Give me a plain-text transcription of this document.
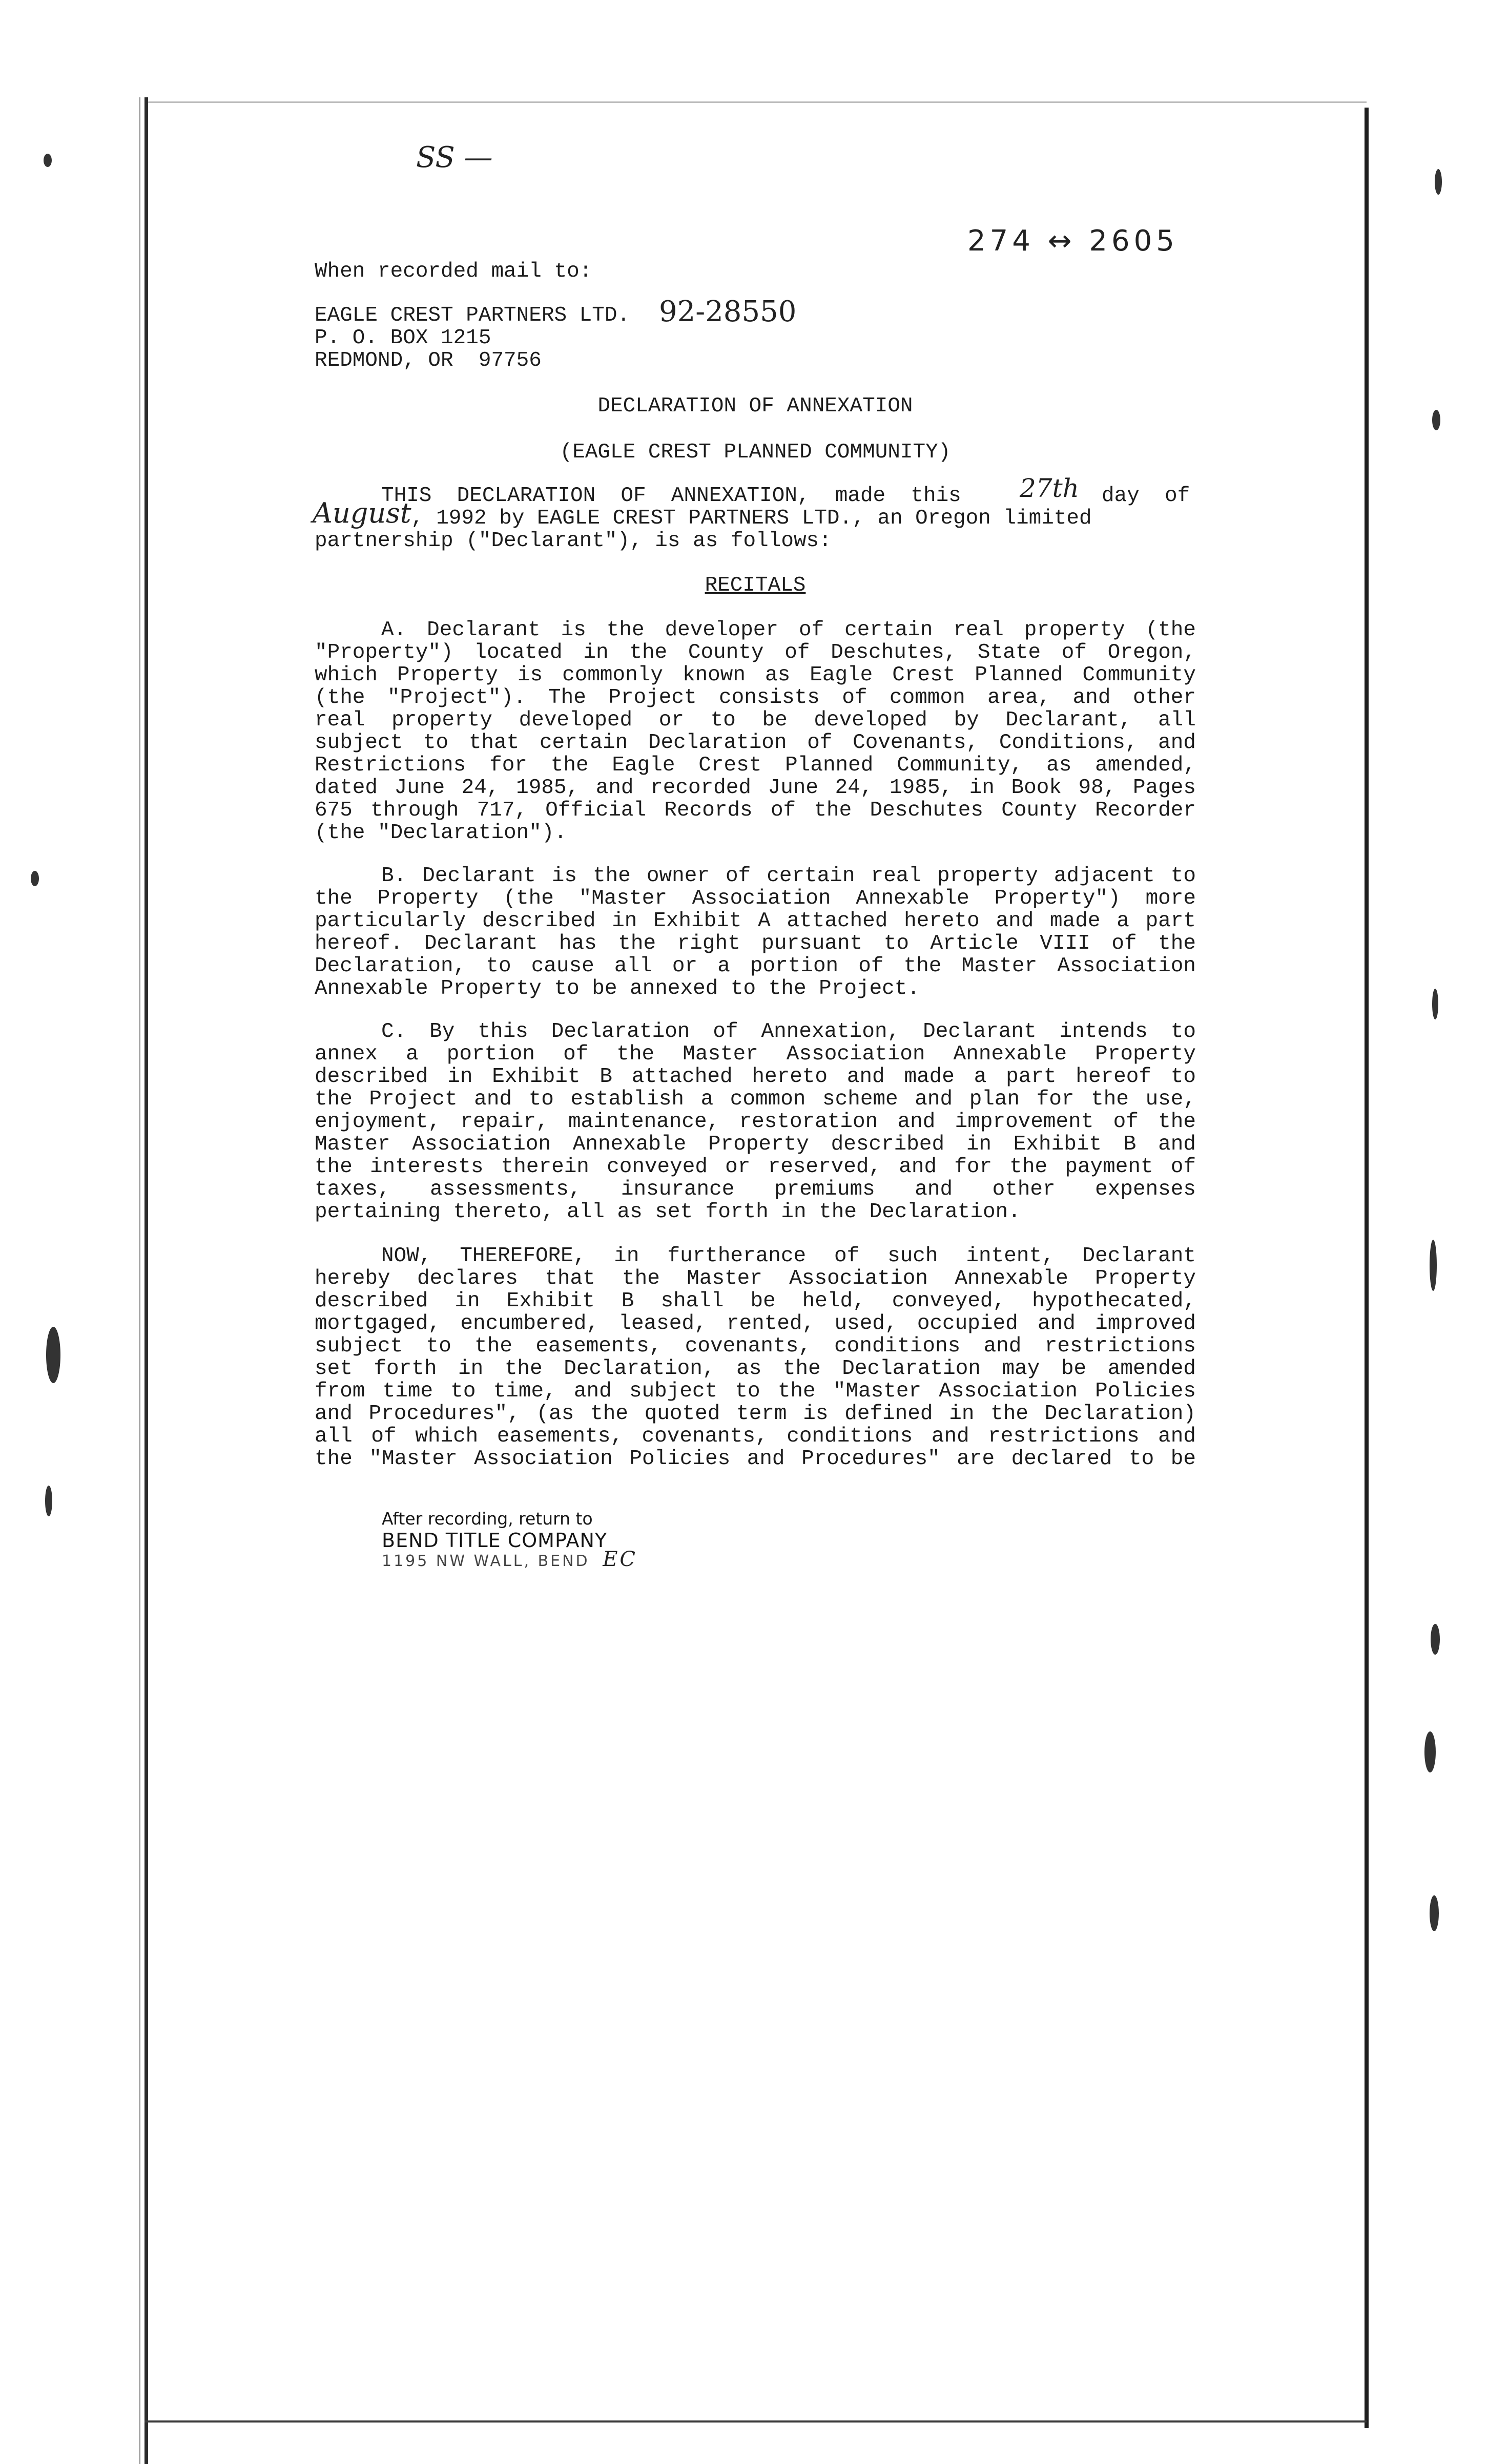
SS —
274 ↔ 2605
When recorded mail to:
EAGLE CREST PARTNERS LTD. 92-28550
P. O. BOX 1215
REDMOND, OR  97756
DECLARATION OF ANNEXATION
(EAGLE CREST PLANNED COMMUNITY)
THIS  DECLARATION  OF  ANNEXATION,  made  this 27th day  of
August , 1992 by EAGLE CREST PARTNERS LTD., an Oregon limited
partnership ("Declarant"), is as follows:
RECITALS
A. Declarant is the developer of certain real property (the
"Property") located in the County of Deschutes, State of Oregon,
which Property is commonly known as Eagle Crest Planned Community
(the "Project"). The Project consists of common area, and other
real property developed or to be developed by Declarant, all
subject to that certain Declaration of Covenants, Conditions, and
Restrictions for the Eagle Crest Planned Community, as amended,
dated June 24, 1985, and recorded June 24, 1985, in Book 98, Pages
675 through 717, Official Records of the Deschutes County Recorder
(the "Declaration").
B. Declarant is the owner of certain real property adjacent to
the Property (the "Master Association Annexable Property") more
particularly described in Exhibit A attached hereto and made a part
hereof. Declarant has the right pursuant to Article VIII of the
Declaration, to cause all or a portion of the Master Association
Annexable Property to be annexed to the Project.
C. By this Declaration of Annexation, Declarant intends to
annex a portion of the Master Association Annexable Property
described in Exhibit B attached hereto and made a part hereof to
the Project and to establish a common scheme and plan for the use,
enjoyment, repair, maintenance, restoration and improvement of the
Master Association Annexable Property described in Exhibit B and
the interests therein conveyed or reserved, and for the payment of
taxes, assessments, insurance premiums and other expenses
pertaining thereto, all as set forth in the Declaration.
NOW, THEREFORE, in furtherance of such intent, Declarant
hereby declares that the Master Association Annexable Property
described in Exhibit B shall be held, conveyed, hypothecated,
mortgaged, encumbered, leased, rented, used, occupied and improved
subject to the easements, covenants, conditions and restrictions
set forth in the Declaration, as the Declaration may be amended
from time to time, and subject to the "Master Association Policies
and Procedures", (as the quoted term is defined in the Declaration)
all of which easements, covenants, conditions and restrictions and
the "Master Association Policies and Procedures" are declared to be
After recording, return to
BEND TITLE COMPANY
1195 NW WALL, BEND EC
